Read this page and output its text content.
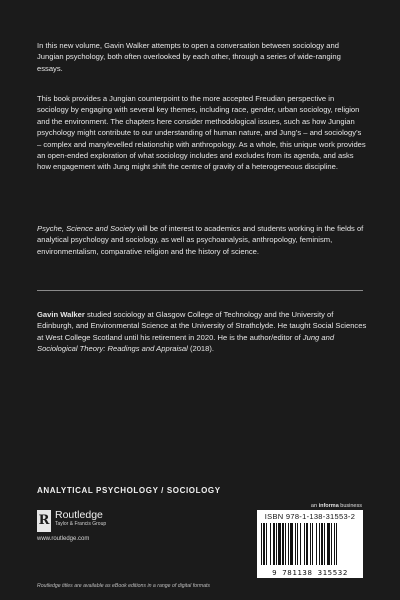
In this new volume, Gavin Walker attempts to open a conversation between sociology and Jungian psychology, both often overlooked by each other, through a series of wide-ranging essays.

This book provides a Jungian counterpoint to the more accepted Freudian perspective in sociology by engaging with several key themes, including race, gender, urban sociology, religion and the environment. The chapters here consider methodological issues, such as how Jungian psychology might contribute to our understanding of human nature, and Jung’s – and sociology’s – complex and manylevelled relationship with anthropology. As a whole, this unique work provides an open-ended exploration of what sociology includes and excludes from its agenda, and asks how engagement with Jung might shift the centre of gravity of a heterogeneous discipline.

Psyche, Science and Society will be of interest to academics and students working in the fields of analytical psychology and sociology, as well as psychoanalysis, anthropology, feminism, environmentalism, comparative religion and the history of science.

Gavin Walker studied sociology at Glasgow College of Technology and the University of Edinburgh, and Environmental Science at the University of Strathclyde. He taught Social Sciences at West College Scotland until his retirement in 2020. He is the author/editor of Jung and Sociological Theory: Readings and Appraisal (2018).

ANALYTICAL PSYCHOLOGY / SOCIOLOGY
an informa business
R Routledge
Taylor & Francis Group
www.routledge.com
ISBN 978-1-138-31553-2
9 781138 315532
Routledge titles are available as eBook editions in a range of digital formats
